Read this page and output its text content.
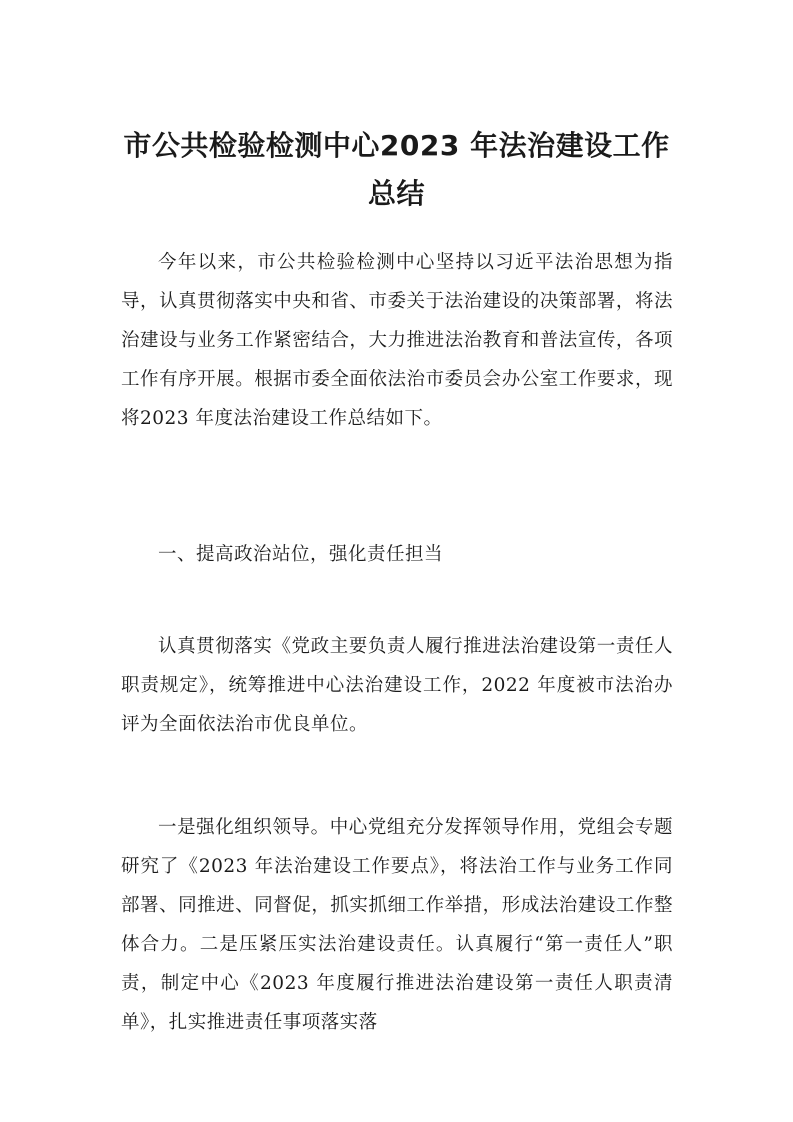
市公共检验检测中心2023 年法治建设工作
总结

今年以来，市公共检验检测中心坚持以习近平法治思想为指导，认真贯彻落实中央和省、市委关于法治建设的决策部署，将法治建设与业务工作紧密结合，大力推进法治教育和普法宣传，各项工作有序开展。根据市委全面依法治市委员会办公室工作要求，现将2023 年度法治建设工作总结如下。

一、提高政治站位，强化责任担当

认真贯彻落实《党政主要负责人履行推进法治建设第一责任人职责规定》，统筹推进中心法治建设工作，2022 年度被市法治办评为全面依法治市优良单位。

一是强化组织领导。中心党组充分发挥领导作用，党组会专题研究了《2023 年法治建设工作要点》，将法治工作与业务工作同部署、同推进、同督促，抓实抓细工作举措，形成法治建设工作整体合力。二是压紧压实法治建设责任。认真履行“第一责任人”职责，制定中心《2023 年度履行推进法治建设第一责任人职责清单》，扎实推进责任事项落实落
